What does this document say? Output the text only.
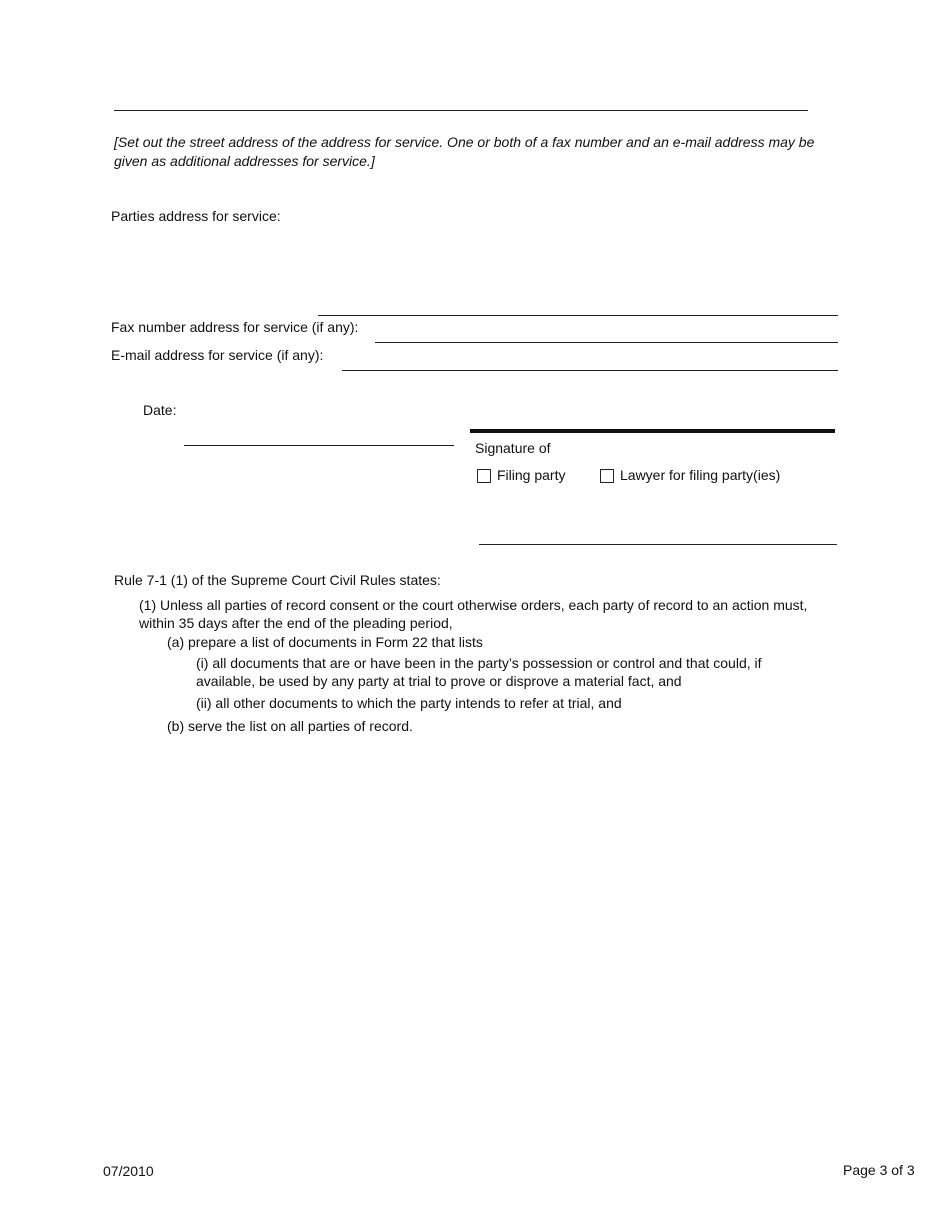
[Set out the street address of the address for service. One or both of a fax number and an e-mail address may be given as additional addresses for service.]
Parties address for service:
Fax number address for service (if any):
E-mail address for service (if any):
Date:
Signature of
Filing party	Lawyer for filing party(ies)
Rule 7-1 (1) of the Supreme Court Civil Rules states:
(1) Unless all parties of record consent or the court otherwise orders, each party of record to an action must,
within 35 days after the end of the pleading period,
(a) prepare a list of documents in Form 22 that lists
(i) all documents that are or have been in the party’s possession or control and that could, if
available, be used by any party at trial to prove or disprove a material fact, and
(ii) all other documents to which the party intends to refer at trial, and
(b) serve the list on all parties of record.
07/2010	Page 3 of 3
